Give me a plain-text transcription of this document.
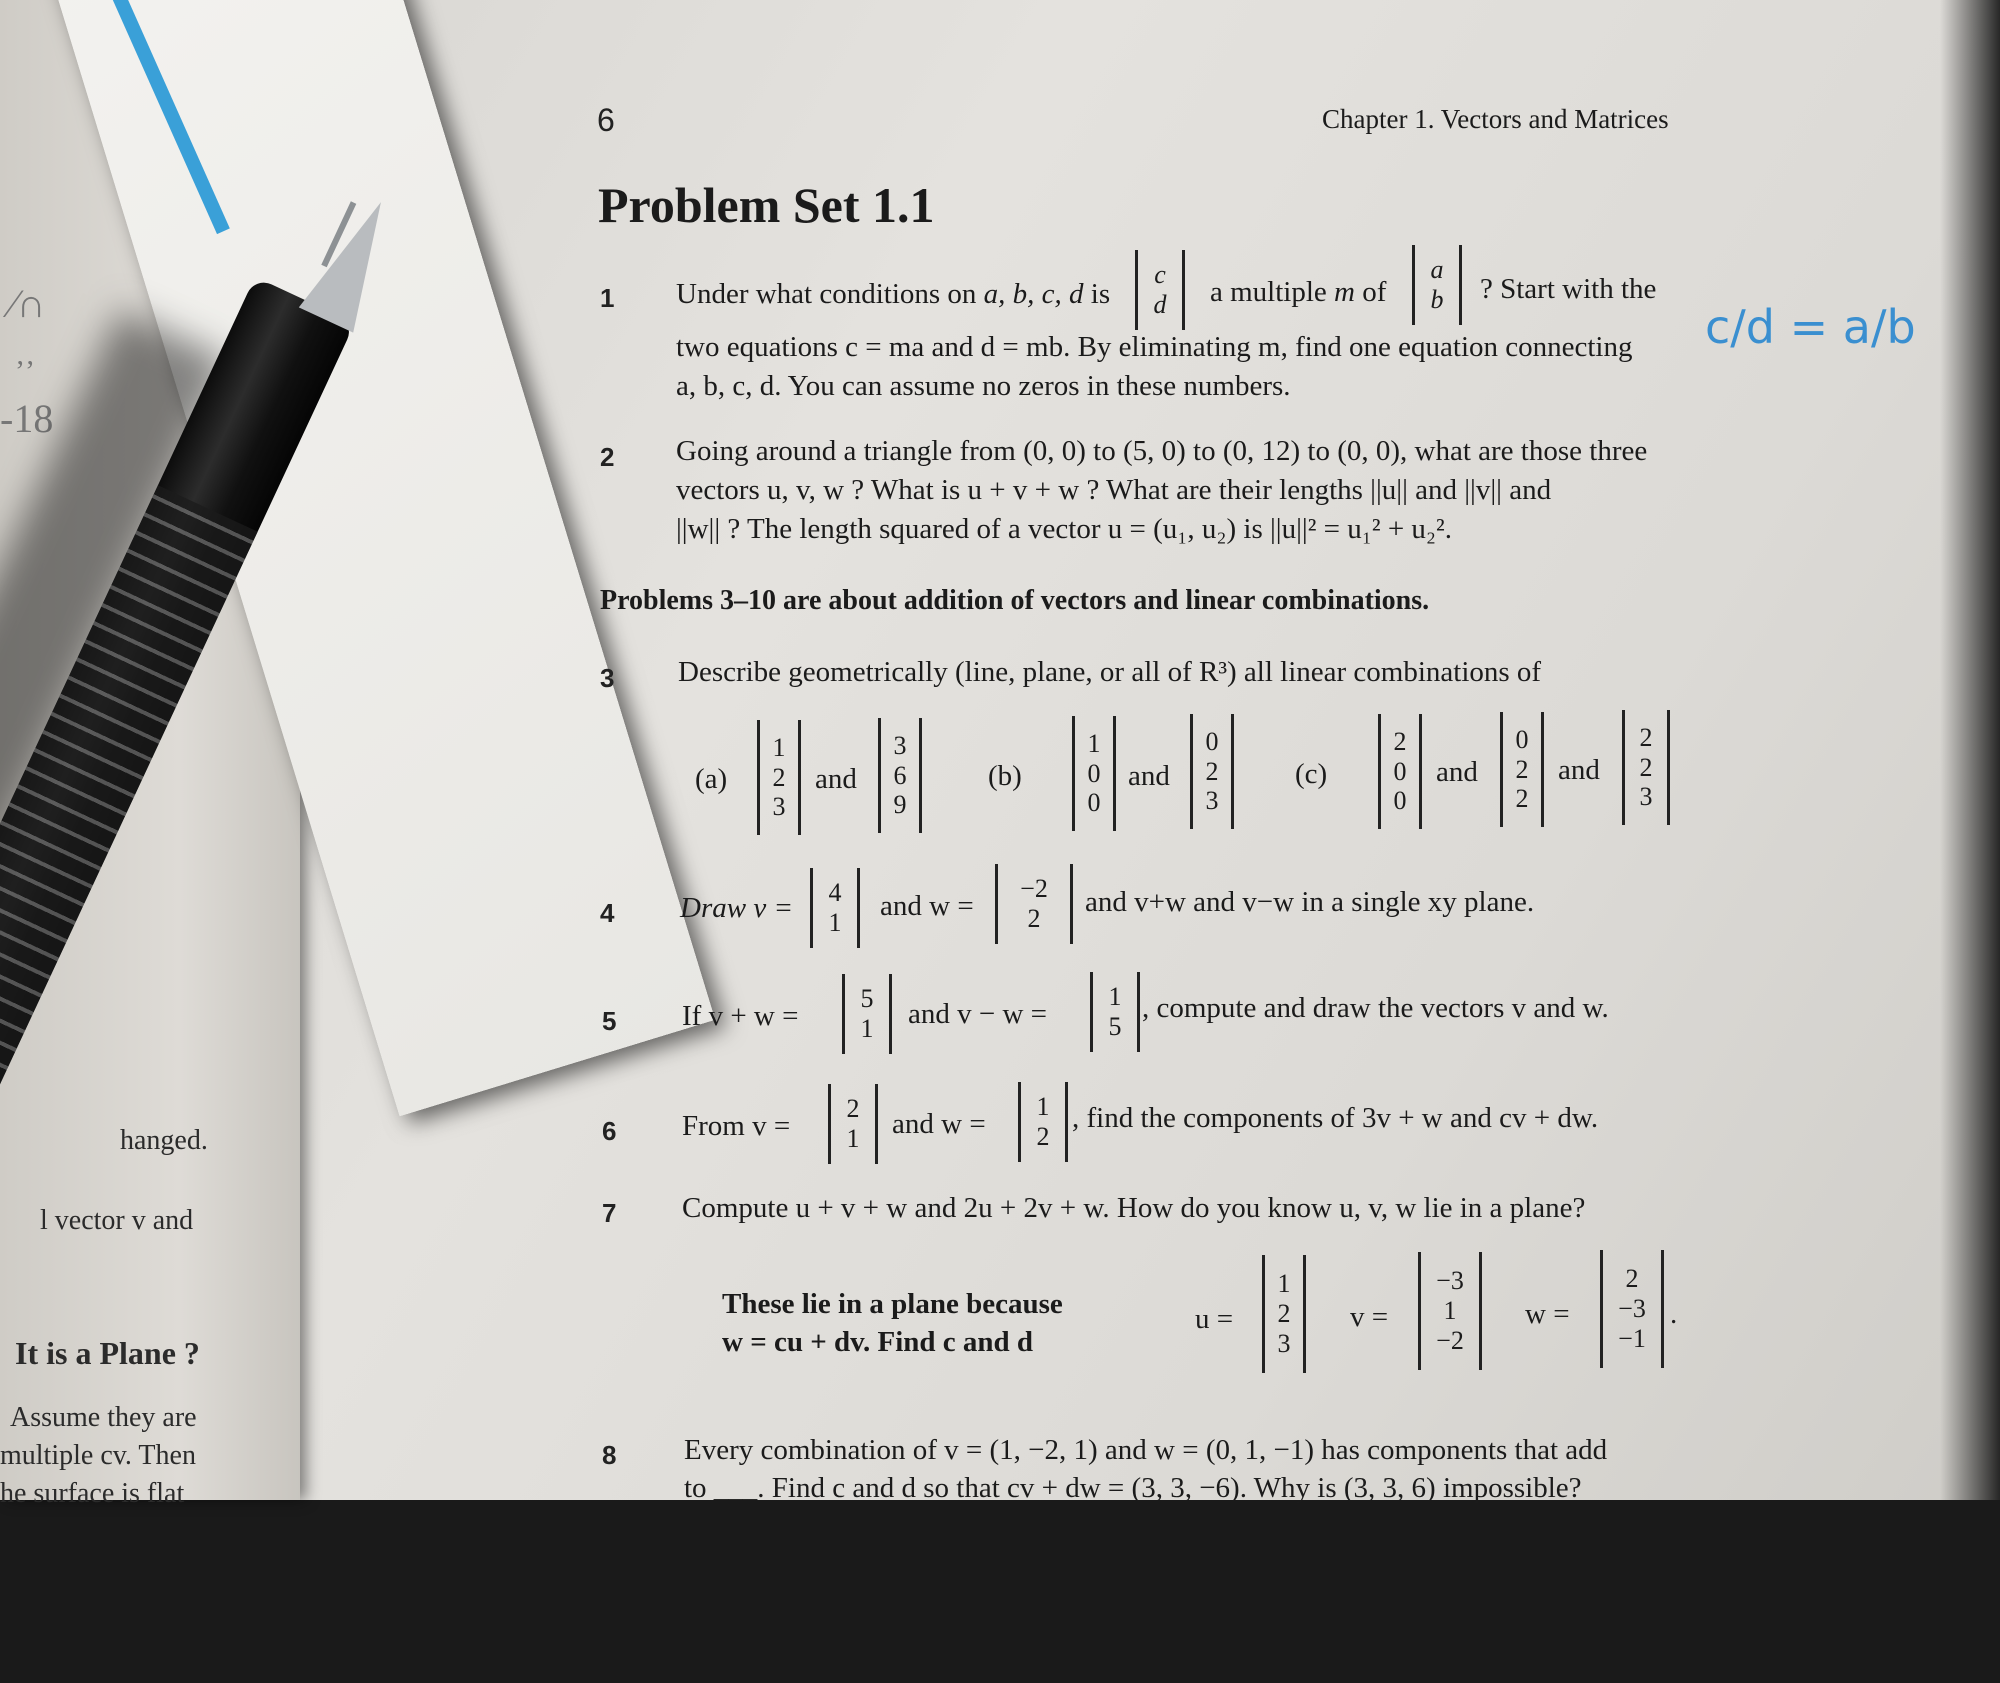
hanged.
l vector v and
It is a Plane ?
Assume they are
multiple cv. Then
he surface is flat
⁄∩
ʼʼ
-18
6	Chapter 1. Vectors and Matrices
Problem Set 1.1
1 Under what conditions on a, b, c, d is
c
d a multiple m of
a
b ? Start with the
two equations c = ma and d = mb. By eliminating m, find one equation connecting
a, b, c, d. You can assume no zeros in these numbers.
c/d = a/b
2 Going around a triangle from (0, 0) to (5, 0) to (0, 12) to (0, 0), what are those three
vectors u, v, w ? What is u + v + w ? What are their lengths ||u|| and ||v|| and
||w|| ? The length squared of a vector u = (u₁, u₂) is ||u||² = u₁² + u₂².
Problems 3–10 are about addition of vectors and linear combinations.
3 Describe geometrically (line, plane, or all of R³) all linear combinations of
(a)
1
2
3
and
3
6
9
(b)
1
0
0
and
0
2
3
(c)
2
0
0
and
0
2
2
and
2
2
3
4 Draw v = 4
1
and w =
−2
2
and v+w and v−w in a single xy plane.
5 If v + w =
5
1 and v − w =
1
5
, compute and draw the vectors v and w.
6 From v =
2
1 and w =
1
2
, find the components of 3v + w and cv + dw.
7 Compute u + v + w and 2u + 2v + w. How do you know u, v, w lie in a plane?
These lie in a plane because
w = cu + dv. Find c and d
u =
1
2
3
v =
−3
1
−2
w =
2
−3
−1
.
8 Every combination of v = (1, −2, 1) and w = (0, 1, −1) has components that add
to ___. Find c and d so that cv + dw = (3, 3, −6). Why is (3, 3, 6) impossible?
